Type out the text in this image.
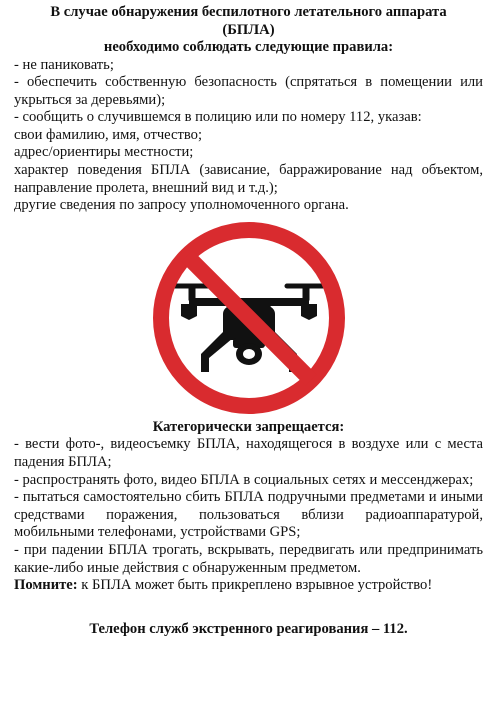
В случае обнаружения беспилотного летательного аппарата
(БПЛА)
необходимо соблюдать следующие правила:
- не паниковать;
- обеспечить собственную безопасность (спрятаться в помещении или укрыться за деревьями);
- сообщить о случившемся в полицию или по номеру 112, указав:
свои фамилию, имя, отчество;
адрес/ориентиры местности;
характер поведения БПЛА (зависание, барражирование над объектом, направление пролета, внешний вид и т.д.);
другие сведения по запросу уполномоченного органа.
Категорически запрещается:
- вести фото-, видеосъемку БПЛА, находящегося в воздухе или с места падения БПЛА;
- распространять фото, видео БПЛА в социальных сетях и мессенджерах;
- пытаться самостоятельно сбить БПЛА подручными предметами и иными средствами поражения, пользоваться вблизи радиоаппаратурой, мобильными телефонами, устройствами GPS;
- при падении БПЛА трогать, вскрывать, передвигать или предпринимать какие-либо иные действия с обнаруженным предметом.
Помните: к БПЛА может быть прикреплено взрывное устройство!
Телефон служб экстренного реагирования – 112.
